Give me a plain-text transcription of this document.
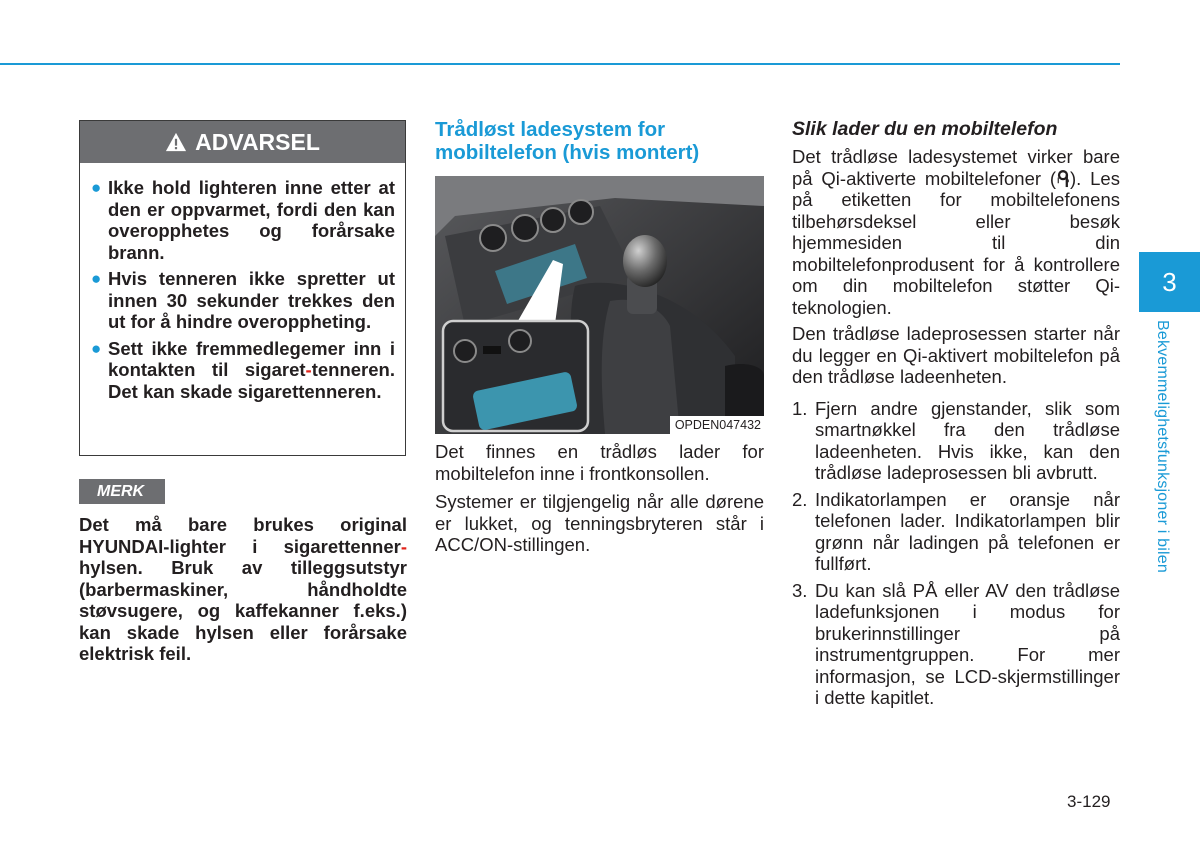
ADVARSEL
● Ikke hold lighteren inne etter at den er oppvarmet, fordi den kan overopphetes og forårsake brann.
● Hvis tenneren ikke spretter ut innen 30 sekunder trekkes den ut for å hindre overoppheting.
● Sett ikke fremmedlegemer inn i kontakten til sigaret-tenneren. Det kan skade sigarettenneren.
MERK

Det må bare brukes original HYUNDAI-lighter i sigarettenner-hylsen. Bruk av tilleggsutstyr (barbermaskiner, håndholdte støvsugere, og kaffekanner f.eks.) kan skade hylsen eller forårsake elektrisk feil.

Trådløst ladesystem for mobiltelefon (hvis montert)
OPDEN047432

Det finnes en trådløs lader for mobiltelefon inne i frontkonsollen.

Systemer er tilgjengelig når alle dørene er lukket, og tenningsbryteren står i ACC/ON-stillingen.

Slik lader du en mobiltelefon

Det trådløse ladesystemet virker bare på Qi-aktiverte mobiltelefoner ( ). Les på etiketten for mobiltelefonens tilbehørsdeksel eller besøk hjemmesiden til din mobiltelefonprodusent for å kontrollere om din mobiltelefon støtter Qi-teknologien.

Den trådløse ladeprosessen starter når du legger en Qi-aktivert mobiltelefon på den trådløse ladeenheten.

1. Fjern andre gjenstander, slik som smartnøkkel fra den trådløse ladeenheten. Hvis ikke, kan den trådløse ladeprosessen bli avbrutt.
2. Indikatorlampen er oransje når telefonen lader. Indikatorlampen blir grønn når ladingen på telefonen er fullført.
3. Du kan slå PÅ eller AV den trådløse ladefunksjonen i modus for brukerinnstillinger på instrumentgruppen. For mer informasjon, se LCD-skjermstillinger i dette kapitlet.
3
Bekvemmelighetsfunksjoner i bilen
3-129
